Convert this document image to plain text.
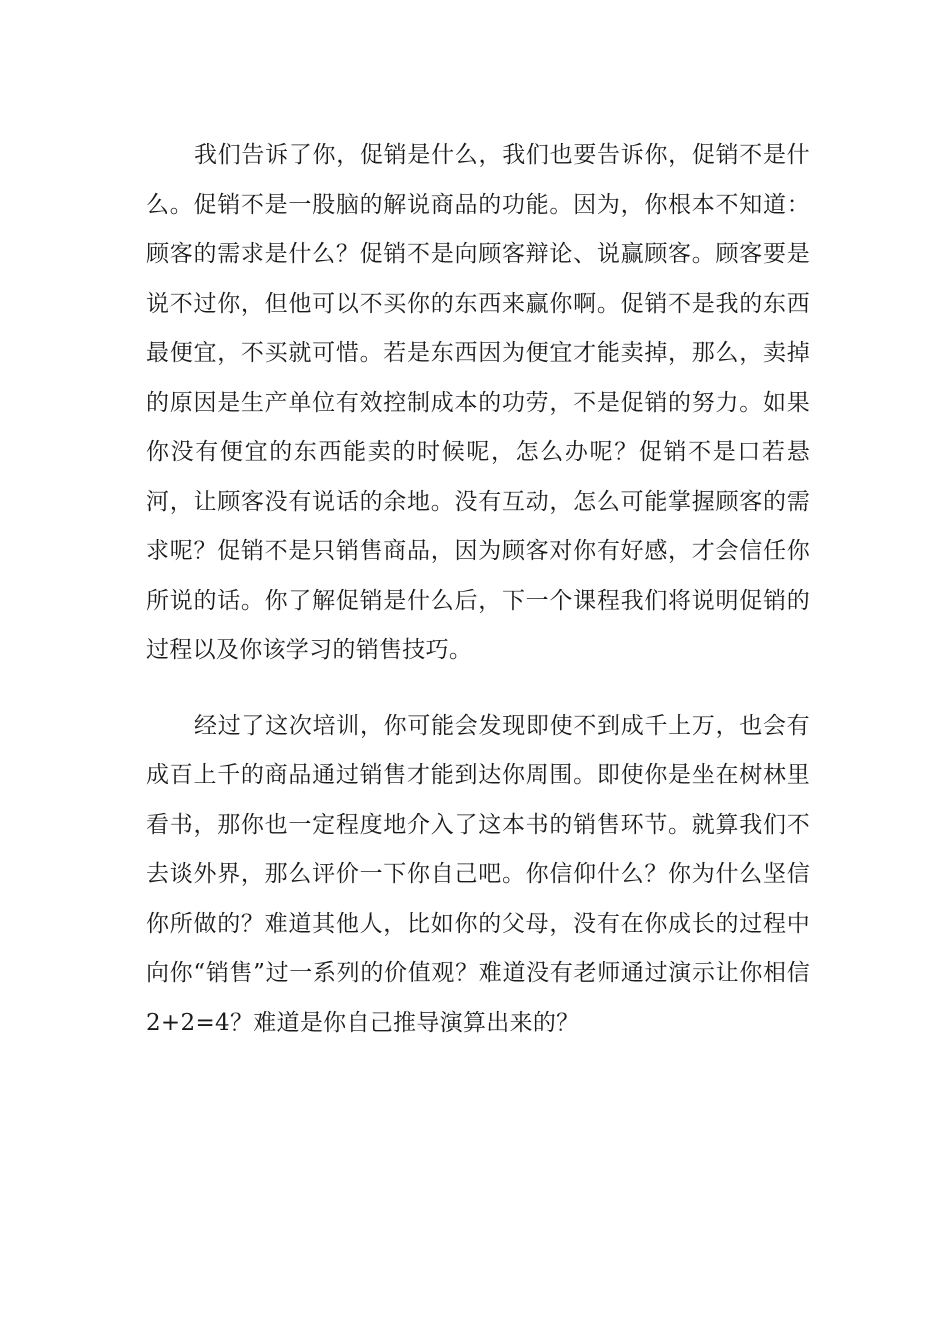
我们告诉了你，促销是什么，我们也要告诉你，促销不是什么。促销不是一股脑的解说商品的功能。因为，你根本不知道：顾客的需求是什么？促销不是向顾客辩论、说赢顾客。顾客要是说不过你，但他可以不买你的东西来赢你啊。促销不是我的东西最便宜，不买就可惜。若是东西因为便宜才能卖掉，那么，卖掉的原因是生产单位有效控制成本的功劳，不是促销的努力。如果你没有便宜的东西能卖的时候呢，怎么办呢？促销不是口若悬河，让顾客没有说话的余地。没有互动，怎么可能掌握顾客的需求呢？促销不是只销售商品，因为顾客对你有好感，才会信任你所说的话。你了解促销是什么后，下一个课程我们将说明促销的过程以及你该学习的销售技巧。

经过了这次培训，你可能会发现即使不到成千上万，也会有成百上千的商品通过销售才能到达你周围。即使你是坐在树林里看书，那你也一定程度地介入了这本书的销售环节。就算我们不去谈外界，那么评价一下你自己吧。你信仰什么？你为什么坚信你所做的？难道其他人，比如你的父母，没有在你成长的过程中向你“销售”过一系列的价值观？难道没有老师通过演示让你相信 2+2=4？难道是你自己推导演算出来的？
